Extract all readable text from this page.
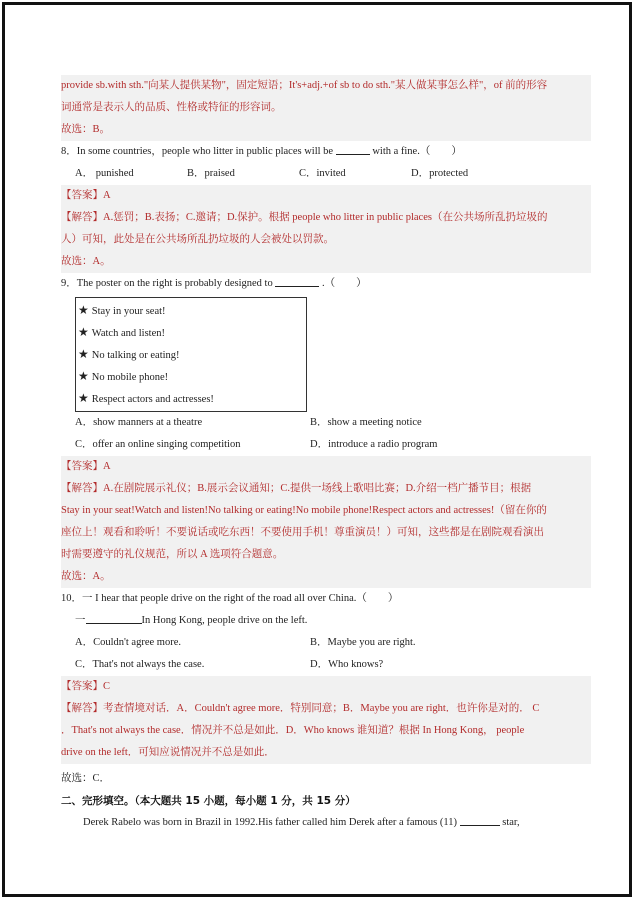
provide sb.with sth."向某人提供某物"，固定短语；It's+adj.+of sb to do sth."某人做某事怎么样"，of 前的形容
词通常是表示人的品质、性格或特征的形容词。
故选：B。
8．In some countries，people who litter in public places will be	with a fine.（　　）
A． punished	B．praised	C．invited	D．protected
【答案】A
【解答】A.惩罚；B.表扬；C.邀请；D.保护。根据 people who litter in public places（在公共场所乱扔垃圾的
人）可知，此处是在公共场所乱扔垃圾的人会被处以罚款。
故选：A。
9．The poster on the right is probably designed to	.（　　）
★ Stay in your seat!
★ Watch and listen!
★ No talking or eating!
★ No mobile phone!
★ Respect actors and actresses!
A．show manners at a theatre	B．show a meeting notice
C．offer an online singing competition	D．introduce a radio program
【答案】A
【解答】A.在剧院展示礼仪；B.展示会议通知；C.提供一场线上歌唱比赛；D.介绍一档广播节目；根据
Stay in your seat!Watch and listen!No talking or eating!No mobile phone!Respect actors and actresses!（留在你的
座位上！观看和聆听！不要说话或吃东西！不要使用手机！尊重演员！）可知，这些都是在剧院观看演出
时需要遵守的礼仪规范，所以 A 选项符合题意。
故选：A。
10．一 I hear that people drive on the right of the road all over China.（　　）
一	In Hong Kong, people drive on the left.
A．Couldn't agree more.	B．Maybe you are right.
C．That's not always the case.	D．Who knows?
【答案】C
【解答】考查情境对话．A．Couldn't agree more．特别同意；B．Maybe you are right．也许你是对的． C
．That's not always the case．情况并不总是如此．D．Who knows 谁知道？根据 In Hong Kong， people
drive on the left．可知应说情况并不总是如此．
故选：C．
二、完形填空。（本大题共 15 小题，每小题 1 分，共 15 分）
Derek Rabelo was born in Brazil in 1992.His father called him Derek after a famous (11)	star,
